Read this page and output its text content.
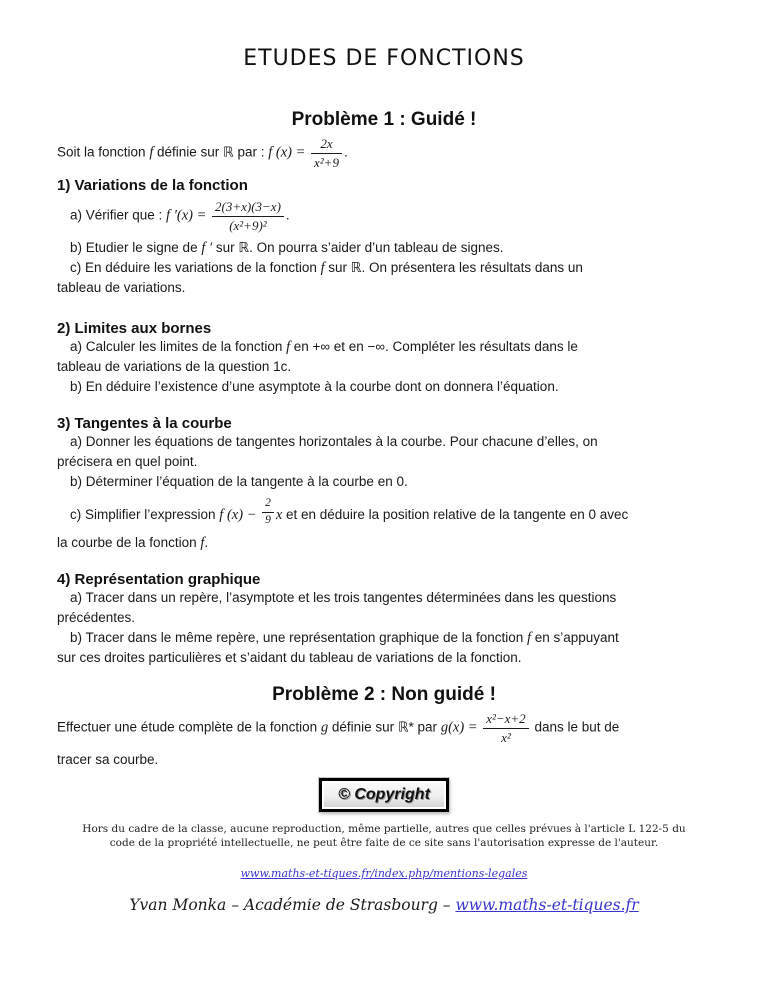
ETUDES DE FONCTIONS
Problème 1 : Guidé !
Soit la fonction f définie sur ℝ par : f $(x) = \frac{2x}{\text{x²+9}}$ .
1) Variations de la fonction
a) Vérifier que : f $'(x) = \frac{2(3+x)(3-x)}{\text{(x²+9)²}}$ .
b) Etudier le signe de f ′ sur ℝ. On pourra s’aider d’un tableau de signes.
c) En déduire les variations de la fonction f sur ℝ. On présentera les résultats dans un
tableau de variations.
2) Limites aux bornes
a) Calculer les limites de la fonction f en +∞ et en −∞. Compléter les résultats dans le
tableau de variations de la question 1c.
b) En déduire l’existence d’une asymptote à la courbe dont on donnera l’équation.
3) Tangentes à la courbe
a) Donner les équations de tangentes horizontales à la courbe. Pour chacune d’elles, on
précisera en quel point.
b) Déterminer l’équation de la tangente à la courbe en 0.
c) Simplifier l’expression f $(x) - \frac{2}{9}$ x et en déduire la position relative de la tangente en 0 avec
la courbe de la fonction f.
4) Représentation graphique
a) Tracer dans un repère, l’asymptote et les trois tangentes déterminées dans les questions
précédentes.
b) Tracer dans le même repère, une représentation graphique de la fonction f en s’appuyant
sur ces droites particulières et s’aidant du tableau de variations de la fonction.
Problème 2 : Non guidé !
Effectuer une étude complète de la fonction g définie sur ℝ* par $g(x) = \frac{\text{x²−x+2}}{\text{x²}}$ dans le but de
tracer sa courbe.
© Copyright
Hors du cadre de la classe, aucune reproduction, même partielle, autres que celles prévues à l'article L 122-5 du
code de la propriété intellectuelle, ne peut être faite de ce site sans l'autorisation expresse de l'auteur.
www.maths-et-tiques.fr/index.php/mentions-legales
Yvan Monka – Académie de Strasbourg – www.maths-et-tiques.fr
